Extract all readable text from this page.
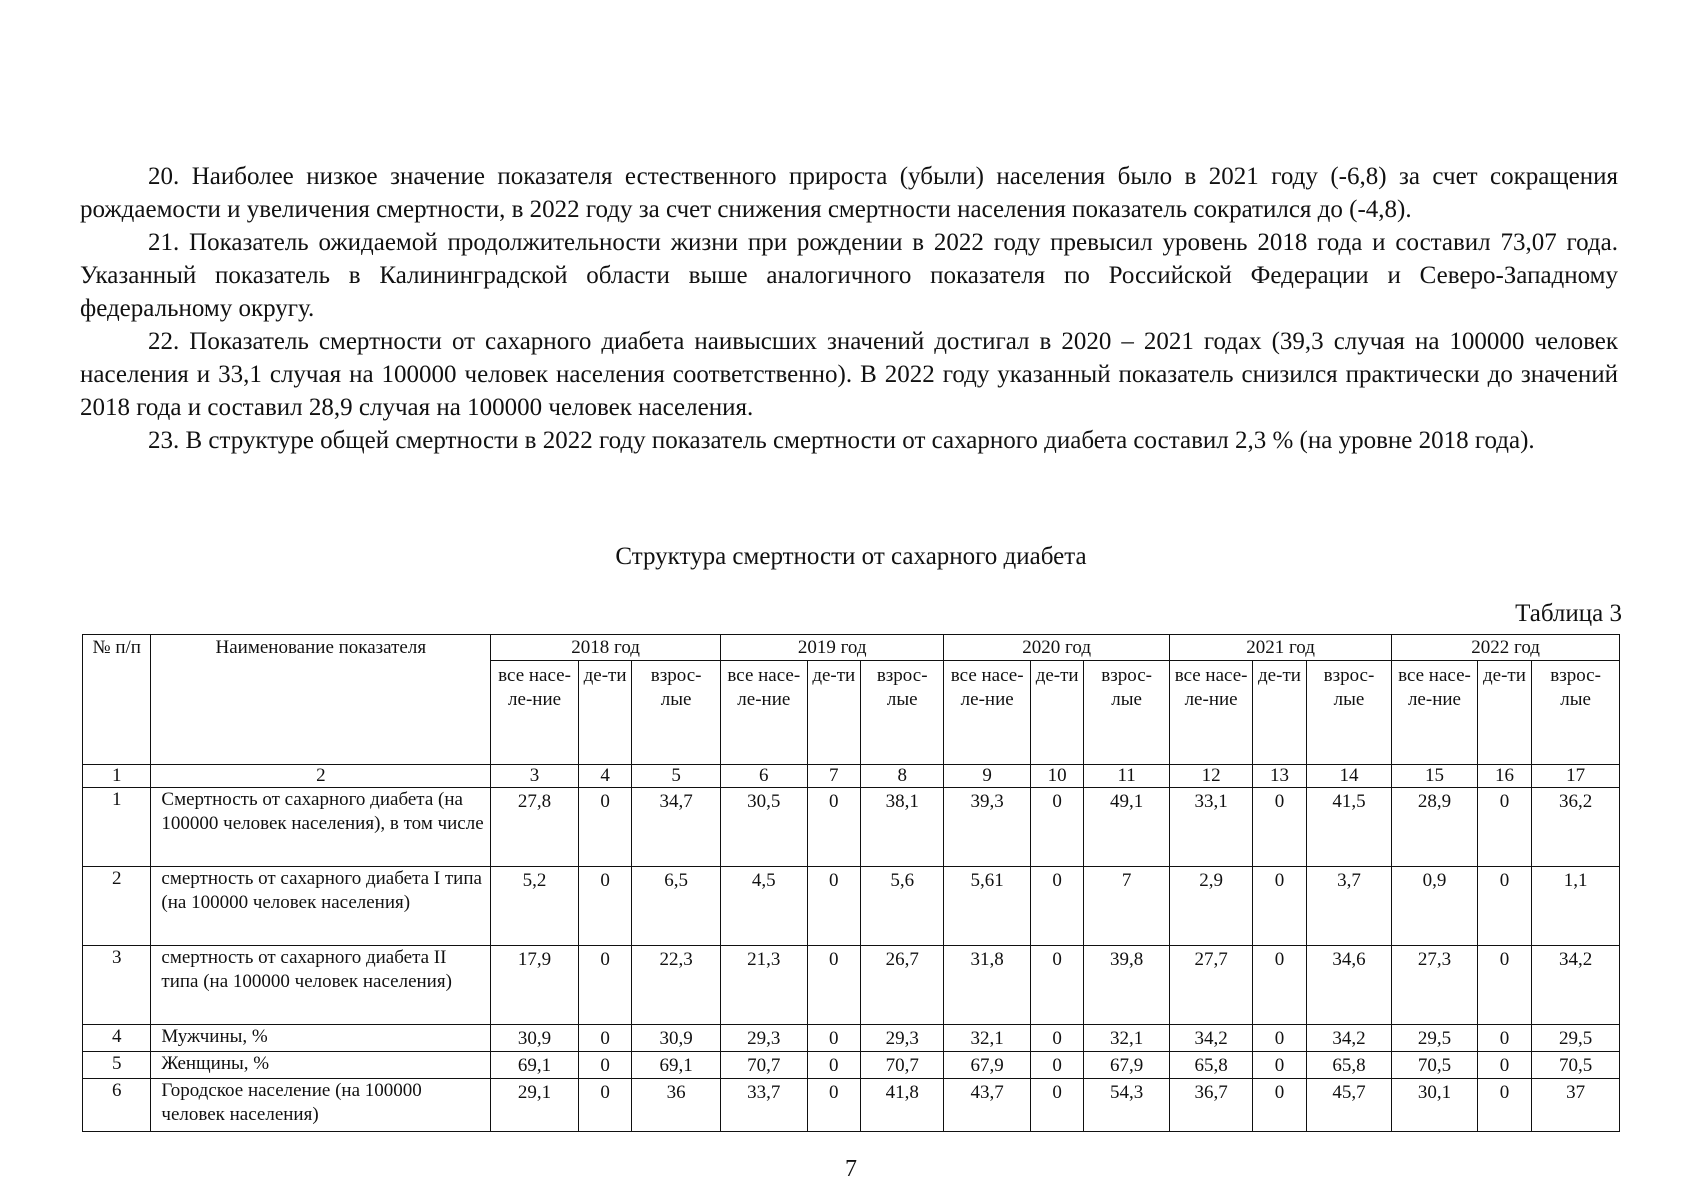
20. Наиболее низкое значение показателя естественного прироста (убыли) населения было в 2021 году (-6,8) за счет сокращения рождаемости и увеличения смертности, в 2022 году за счет снижения смертности населения показатель сократился до (-4,8).

21. Показатель ожидаемой продолжительности жизни при рождении в 2022 году превысил уровень 2018 года и составил 73,07 года. Указанный показатель в Калининградской области выше аналогичного показателя по Российской Федерации и Северо-Западному федеральному округу.

22. Показатель смертности от сахарного диабета наивысших значений достигал в 2020 – 2021 годах (39,3 случая на 100000 человек населения и 33,1 случая на 100000 человек населения соответственно). В 2022 году указанный показатель снизился практически до значений 2018 года и составил 28,9 случая на 100000 человек населения.

23. В структуре общей смертности в 2022 году показатель смертности от сахарного диабета составил 2,3 % (на уровне 2018 года).

Структура смертности от сахарного диабета
Таблица 3
№ п/п	Наименование показателя	2018 год			2019 год			2020 год			2021 год			2022 год		
		все насе-ле-ние	де-ти	взрос-лые	все насе-ле-ние	де-ти	взрос-лые	все насе-ле-ние	де-ти	взрос-лые	все насе-ле-ние	де-ти	взрос-лые	все насе-ле-ние	де-ти	взрос-лые
1	2	3	4	5	6	7	8	9	10	11	12	13	14	15	16	17
1	Смертность от сахарного диабета (на 100000 человек населения), в том числе	27,8	0	34,7	30,5	0	38,1	39,3	0	49,1	33,1	0	41,5	28,9	0	36,2
2	смертность от сахарного диабета I типа (на 100000 человек населения)	5,2	0	6,5	4,5	0	5,6	5,61	0	7	2,9	0	3,7	0,9	0	1,1
3	смертность от сахарного диабета II типа (на 100000 человек населения)	17,9	0	22,3	21,3	0	26,7	31,8	0	39,8	27,7	0	34,6	27,3	0	34,2
4	Мужчины, %	30,9	0	30,9	29,3	0	29,3	32,1	0	32,1	34,2	0	34,2	29,5	0	29,5
5	Женщины, %	69,1	0	69,1	70,7	0	70,7	67,9	0	67,9	65,8	0	65,8	70,5	0	70,5
6	Городское население (на 100000 человек населения)	29,1	0	36	33,7	0	41,8	43,7	0	54,3	36,7	0	45,7	30,1	0	37
7
